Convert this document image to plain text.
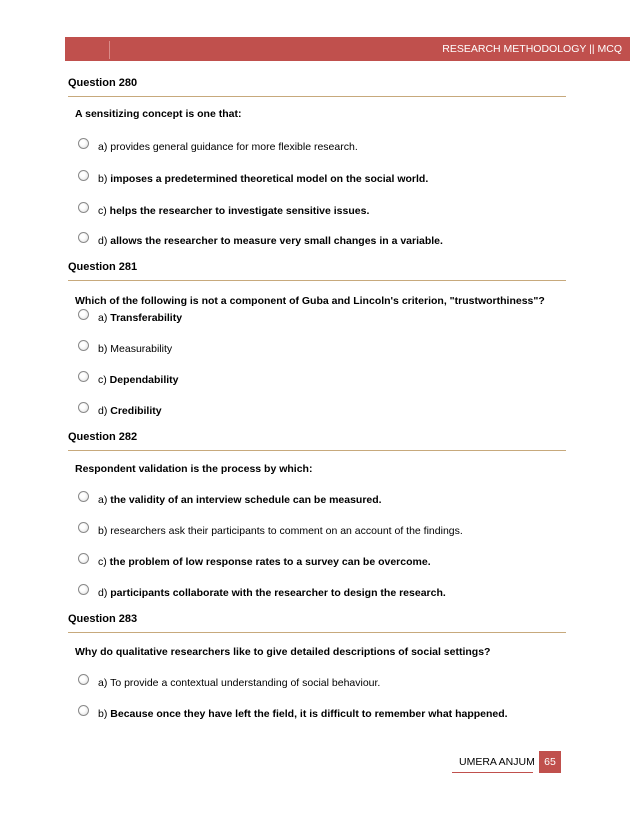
RESEARCH METHODOLOGY || MCQ
Question 280
A sensitizing concept is one that:
a) provides general guidance for more flexible research.
b) imposes a predetermined theoretical model on the social world.
c) helps the researcher to investigate sensitive issues.
d) allows the researcher to measure very small changes in a variable.
Question 281
Which of the following is not a component of Guba and Lincoln's criterion, "trustworthiness"?
a) Transferability
b) Measurability
c) Dependability
d) Credibility
Question 282
Respondent validation is the process by which:
a) the validity of an interview schedule can be measured.
b) researchers ask their participants to comment on an account of the findings.
c) the problem of low response rates to a survey can be overcome.
d) participants collaborate with the researcher to design the research.
Question 283
Why do qualitative researchers like to give detailed descriptions of social settings?
a) To provide a contextual understanding of social behaviour.
b) Because once they have left the field, it is difficult to remember what happened.
UMERA ANJUM 65
